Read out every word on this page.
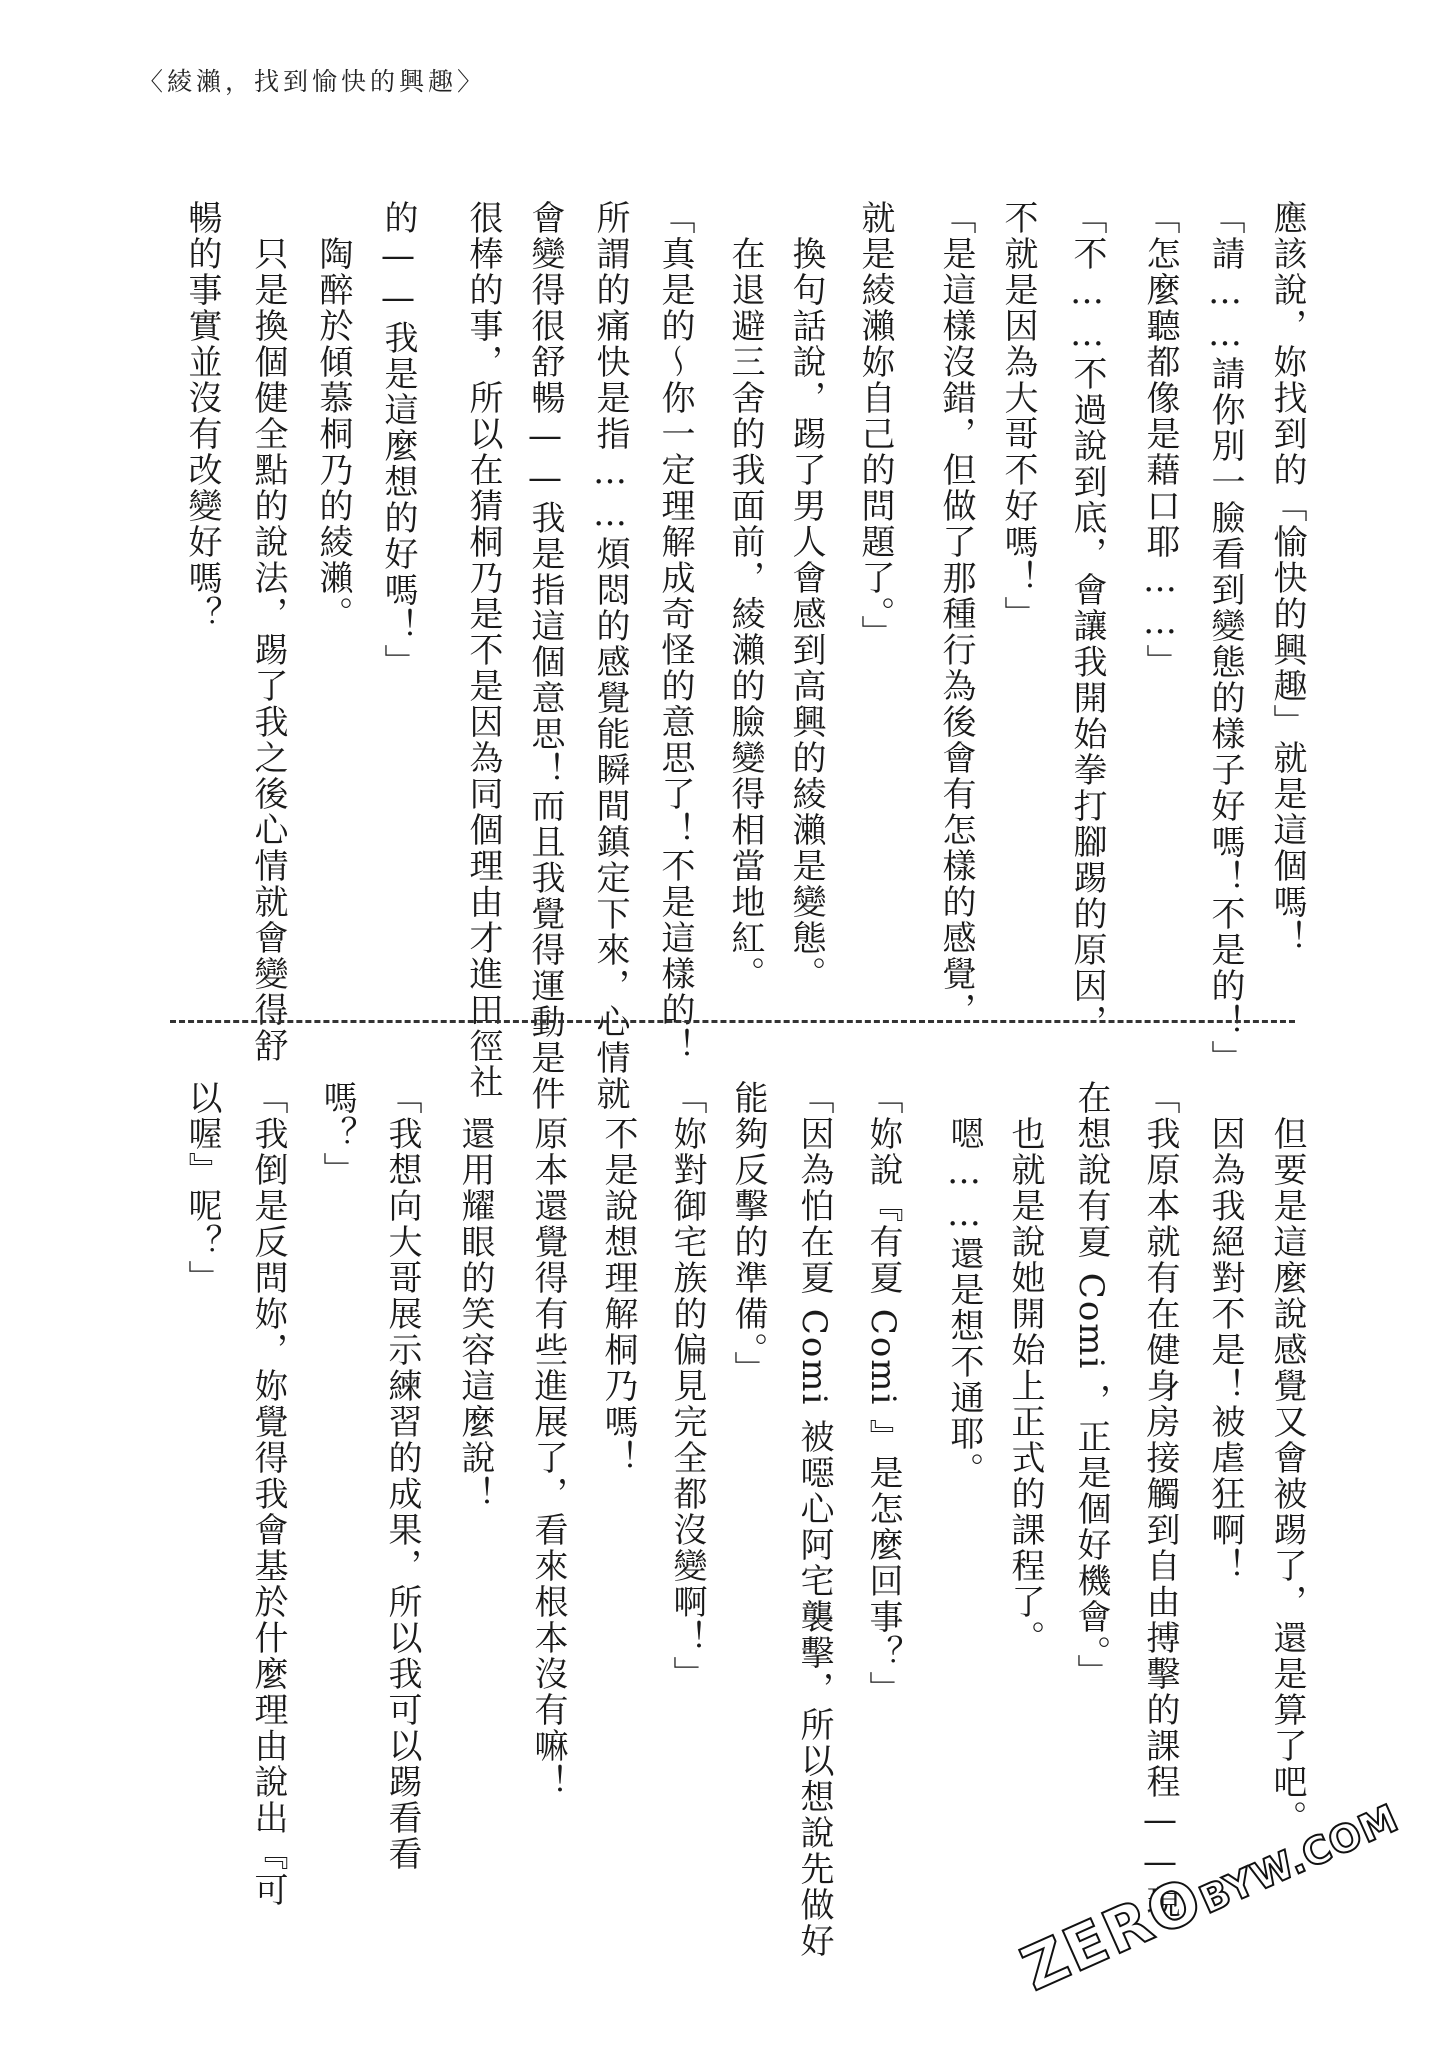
〈綾瀨，找到愉快的興趣〉
應該說，妳找到的「愉快的興趣」就是這個嗎！
「請……請你別一臉看到變態的樣子好嗎！不是的！」
「怎麼聽都像是藉口耶……」
「不……不過說到底，會讓我開始拳打腳踢的原因，
不就是因為大哥不好嗎！」
「是這樣沒錯，但做了那種行為後會有怎樣的感覺，
就是綾瀨妳自己的問題了。」
換句話說，踢了男人會感到高興的綾瀨是變態。
在退避三舍的我面前，綾瀨的臉變得相當地紅。
「真是的～你一定理解成奇怪的意思了！不是這樣的！
所謂的痛快是指……煩悶的感覺能瞬間鎮定下來，心情就
會變得很舒暢——我是指這個意思！而且我覺得運動是件
很棒的事，所以在猜桐乃是不是因為同個理由才進田徑社
的——我是這麼想的好嗎！」
陶醉於傾慕桐乃的綾瀨。
只是換個健全點的說法，踢了我之後心情就會變得舒
暢的事實並沒有改變好嗎？
但要是這麼說感覺又會被踢了，還是算了吧。
因為我絕對不是！被虐狂啊！
「我原本就有在健身房接觸到自由搏擊的課程——現
在想說有夏 Comi ，正是個好機會。」
也就是說她開始上正式的課程了。
嗯……還是想不通耶。
「妳說『有夏 Comi 』是怎麼回事？」
「因為怕在夏 Comi 被噁心阿宅襲擊，所以想說先做好
能夠反擊的準備。」
「妳對御宅族的偏見完全都沒變啊！」
不是說想理解桐乃嗎！
原本還覺得有些進展了，看來根本沒有嘛！
還用耀眼的笑容這麼說！
「我想向大哥展示練習的成果，所以我可以踢看看
嗎？」
「我倒是反問妳，妳覺得我會基於什麼理由說出『可
以喔』呢？」
ZEROBYW.COM
